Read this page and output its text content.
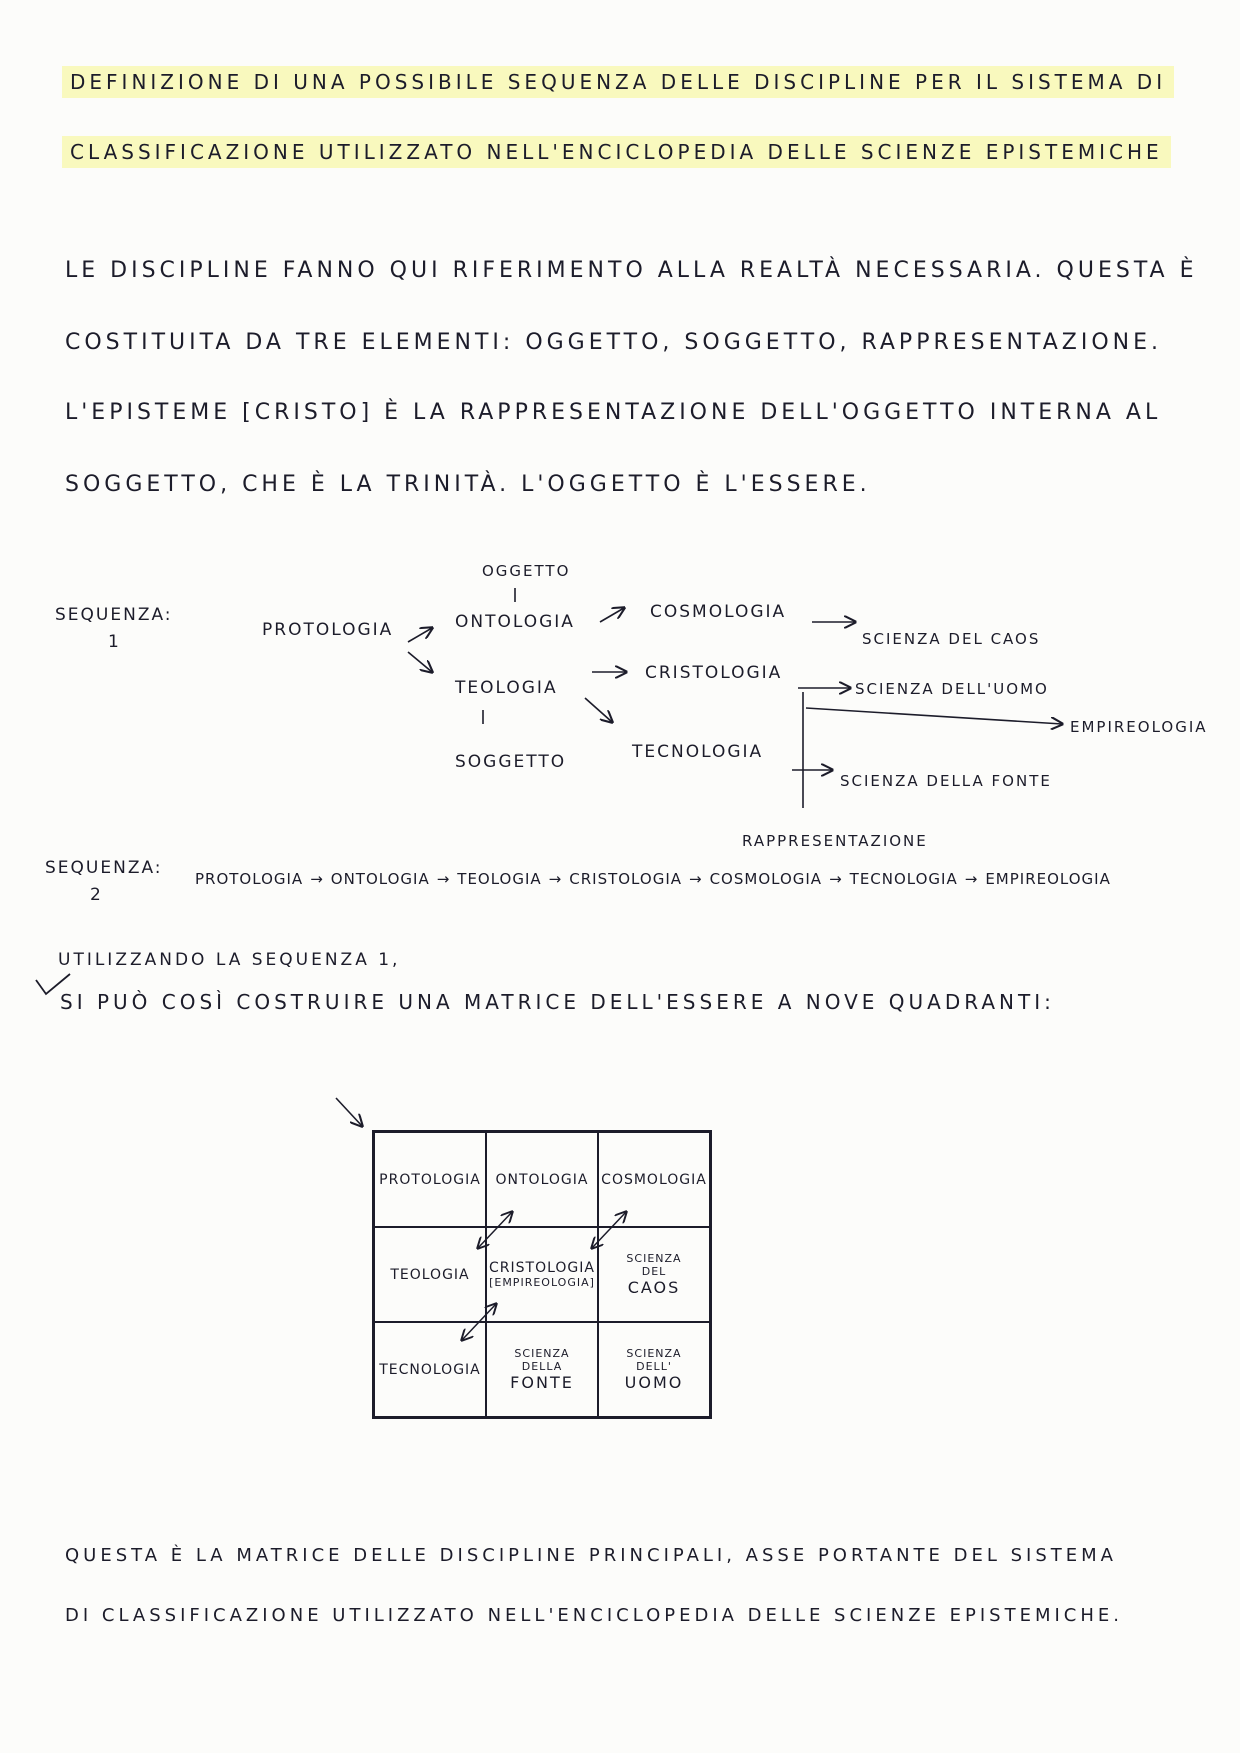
DEFINIZIONE DI UNA POSSIBILE SEQUENZA DELLE DISCIPLINE PER IL SISTEMA DI
CLASSIFICAZIONE UTILIZZATO NELL'ENCICLOPEDIA DELLE SCIENZE EPISTEMICHE
LE DISCIPLINE FANNO QUI RIFERIMENTO ALLA REALTÀ NECESSARIA. QUESTA È
COSTITUITA DA TRE ELEMENTI: OGGETTO, SOGGETTO, RAPPRESENTAZIONE.
L'EPISTEME [CRISTO] È LA RAPPRESENTAZIONE DELL'OGGETTO INTERNA AL
SOGGETTO, CHE È LA TRINITÀ. L'OGGETTO È L'ESSERE.
SEQUENZA:
1
OGGETTO
PROTOLOGIA	ONTOLOGIA
TEOLOGIA
SOGGETTO
COSMOLOGIA
CRISTOLOGIA
TECNOLOGIA
SCIENZA DEL CAOS
SCIENZA DELL'UOMO
EMPIREOLOGIA
SCIENZA DELLA FONTE
RAPPRESENTAZIONE
SEQUENZA:
2
PROTOLOGIA → ONTOLOGIA → TEOLOGIA → CRISTOLOGIA → COSMOLOGIA → TECNOLOGIA → EMPIREOLOGIA
UTILIZZANDO LA SEQUENZA 1,
SI PUÒ COSÌ COSTRUIRE UNA MATRICE DELL'ESSERE A NOVE QUADRANTI:
PROTOLOGIA ONTOLOGIA COSMOLOGIA
TEOLOGIA CRISTOLOGIA
[EMPIREOLOGIA]
SCIENZA
DEL
CAOS
TECNOLOGIA
SCIENZA
DELLA
FONTE
SCIENZA
DELL'
UOMO
QUESTA È LA MATRICE DELLE DISCIPLINE PRINCIPALI, ASSE PORTANTE DEL SISTEMA
DI CLASSIFICAZIONE UTILIZZATO NELL'ENCICLOPEDIA DELLE SCIENZE EPISTEMICHE.
